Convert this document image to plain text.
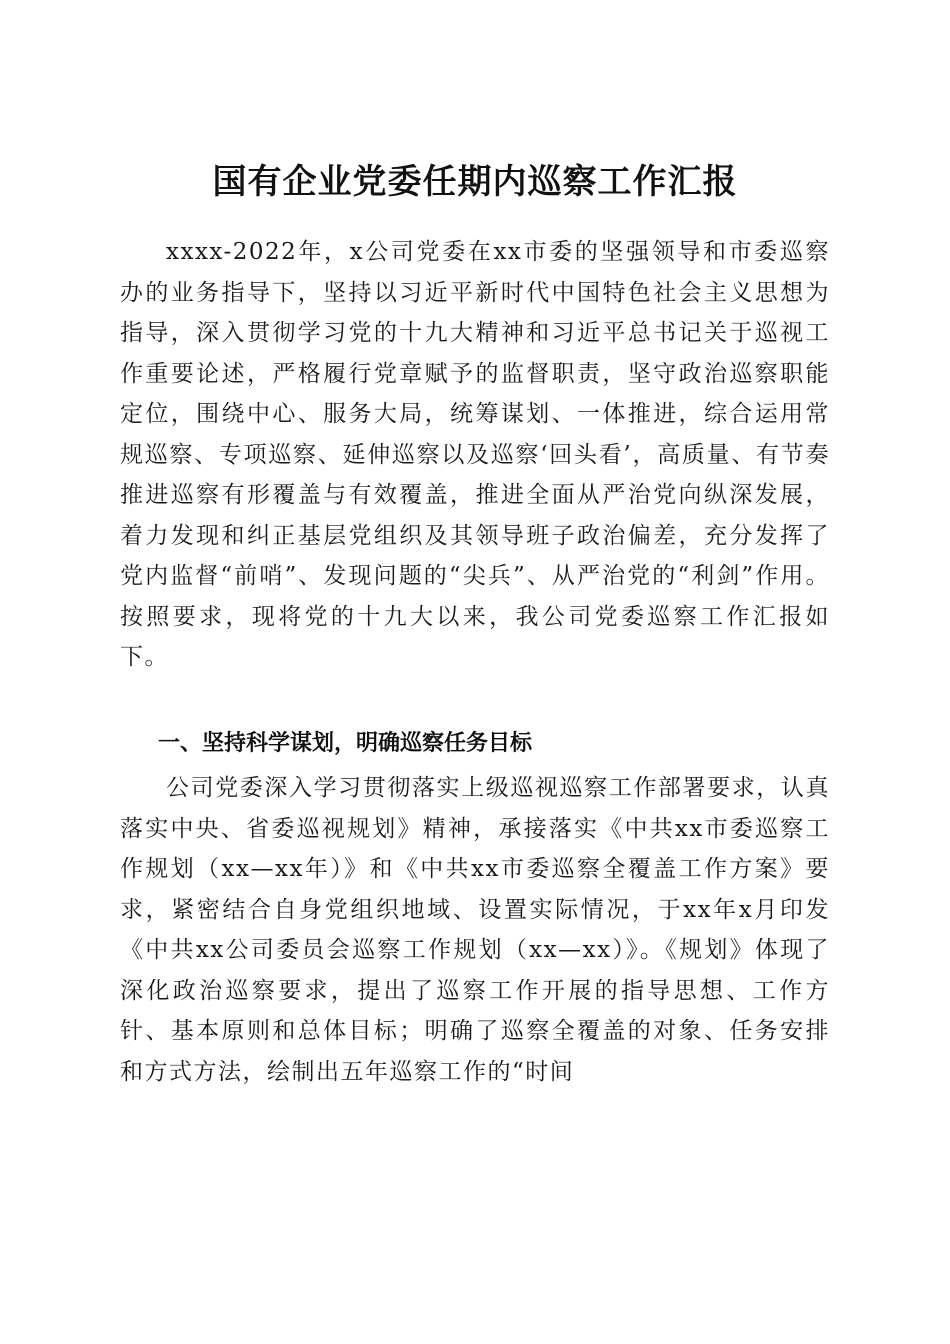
国有企业党委任期内巡察工作汇报

xxxx-2022年，x公司党委在xx市委的坚强领导和市委巡察办的业务指导下，坚持以习近平新时代中国特色社会主义思想为指导，深入贯彻学习党的十九大精神和习近平总书记关于巡视工作重要论述，严格履行党章赋予的监督职责，坚守政治巡察职能定位，围绕中心、服务大局，统筹谋划、一体推进，综合运用常规巡察、专项巡察、延伸巡察以及巡察‘回头看’，高质量、有节奏推进巡察有形覆盖与有效覆盖，推进全面从严治党向纵深发展，着力发现和纠正基层党组织及其领导班子政治偏差，充分发挥了党内监督“前哨”、发现问题的“尖兵”、从严治党的“利剑”作用。按照要求，现将党的十九大以来，我公司党委巡察工作汇报如下。

一、坚持科学谋划，明确巡察任务目标

公司党委深入学习贯彻落实上级巡视巡察工作部署要求，认真落实中央、省委巡视规划》精神，承接落实《中共xx市委巡察工作规划（xx—xx年）》和《中共xx市委巡察全覆盖工作方案》要求，紧密结合自身党组织地域、设置实际情况，于xx年x月印发《中共xx公司委员会巡察工作规划（xx—xx）》。《规划》体现了深化政治巡察要求，提出了巡察工作开展的指导思想、工作方针、基本原则和总体目标；明确了巡察全覆盖的对象、任务安排和方式方法，绘制出五年巡察工作的“时间
